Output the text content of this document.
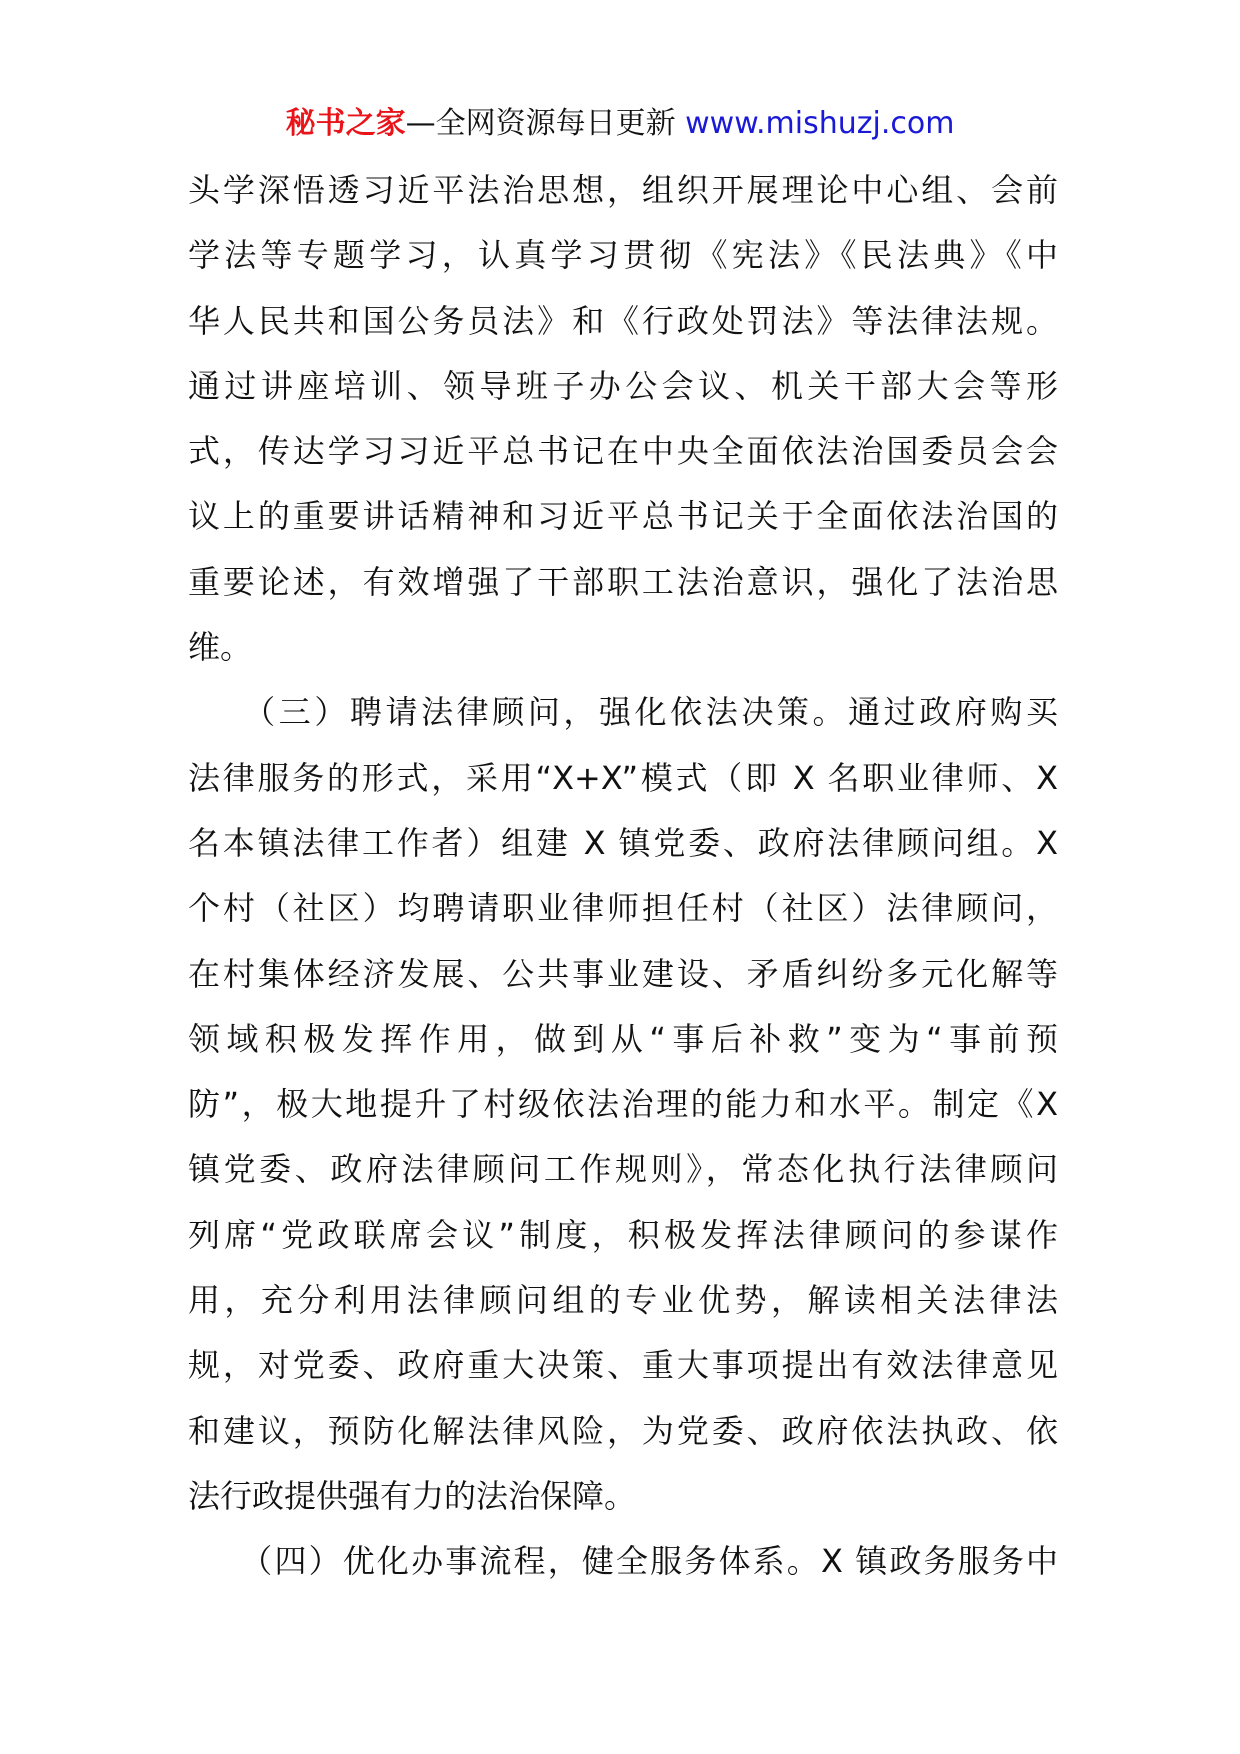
秘书之家—全网资源每日更新 www.mishuzj.com
头学深悟透习近平法治思想，组织开展理论中心组、会前
学法等专题学习，认真学习贯彻《宪法》《民法典》《中
华人民共和国公务员法》和《行政处罚法》等法律法规。
通过讲座培训、领导班子办公会议、机关干部大会等形
式，传达学习习近平总书记在中央全面依法治国委员会会
议上的重要讲话精神和习近平总书记关于全面依法治国的
重要论述，有效增强了干部职工法治意识，强化了法治思
维。
　　（三）聘请法律顾问，强化依法决策。通过政府购买
法律服务的形式，采用“X+X”模式（即 X 名职业律师、X
名本镇法律工作者）组建 X 镇党委、政府法律顾问组。X
个村（社区）均聘请职业律师担任村（社区）法律顾问，
在村集体经济发展、公共事业建设、矛盾纠纷多元化解等
领域积极发挥作用，做到从“事后补救”变为“事前预
防”，极大地提升了村级依法治理的能力和水平。制定《X
镇党委、政府法律顾问工作规则》，常态化执行法律顾问
列席“党政联席会议”制度，积极发挥法律顾问的参谋作
用，充分利用法律顾问组的专业优势，解读相关法律法
规，对党委、政府重大决策、重大事项提出有效法律意见
和建议，预防化解法律风险，为党委、政府依法执政、依
法行政提供强有力的法治保障。
　　（四）优化办事流程，健全服务体系。X 镇政务服务中
